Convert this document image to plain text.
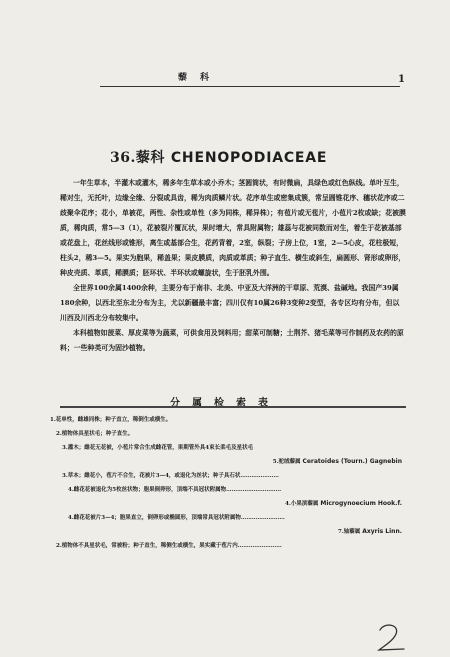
藜　科	1
36.藜科 CHENOPODIACEAE

一年生草本，半灌木或灌木，稀多年生草本或小乔木；茎圆筒状，有时微扁，具绿色或红色纵线。单叶互生，稀对生，无托叶，边缘全缘、分裂或具齿，稀为肉质鳞片状。花序单生或密集成簇，常呈圆锥花序、穗状花序或二歧聚伞花序；花小，单被花，两性、杂性或单性（多为同株，稀异株）；有苞片或无苞片，小苞片2枚或缺；花被膜质，稀肉质，常5—3（1），花被裂片覆瓦状，果时增大，常具附属物；雄蕊与花被同数而对生，着生于花被基部或花盘上，花丝线形或锥形，离生或基部合生，花药背着，2室，纵裂；子房上位，1室，2—5心皮，花柱极短，柱头2，稀3—5。果实为胞果，稀盖果；果皮膜质，肉质或革质；种子直生、横生或斜生，扁圆形、肾形或卵形，种皮壳质、革质，稀膜质；胚环状、半环状或螺旋状，生于胚乳外围。

全世界100余属1400余种，主要分布于南非、北美、中亚及大洋洲的干草原、荒漠、盐碱地。我国产39属180余种，以西北至东北分布为主，尤以新疆最丰富；四川仅有10属26种3变种2变型，各专区均有分布，但以川西及川西北分布较集中。

本科植物如菠菜、厚皮菜等为蔬菜，可供食用及饲料用；甜菜可制糖；土荆芥、猪毛菜等可作制药及农药的原料；一些种类可为固沙植物。

分属检索表
1.花单性，雌雄同株；种子直立，稀倒生或横生。
2.植物体具星状毛；种子直生。
3.灌木；雌花无花被，小苞片常合生成雌花管，果期管外具4束长柔毛及星状毛
5.驼绒藜属 Ceratoides (Tourn.) Gagnebin
3.草本；雌花小，苞片不合生，花被片3—4，或退化为丝状；种子具石状…………………
4.雌花花被退化为5枚丝状物；胞果倒卵形，顶端不具冠状附属物…………………………
4.小果滨藜属 Microgynoecium Hook.f.
4.雌花花被片3—4；胞果直立，倒卵形或椭圆形，顶端常具冠状附属物……………………
7.轴藜属 Axyris Linn.
2.植物体不具星状毛，常被粉；种子直生，稀侧生或横生，果实藏于苞片内……………………
